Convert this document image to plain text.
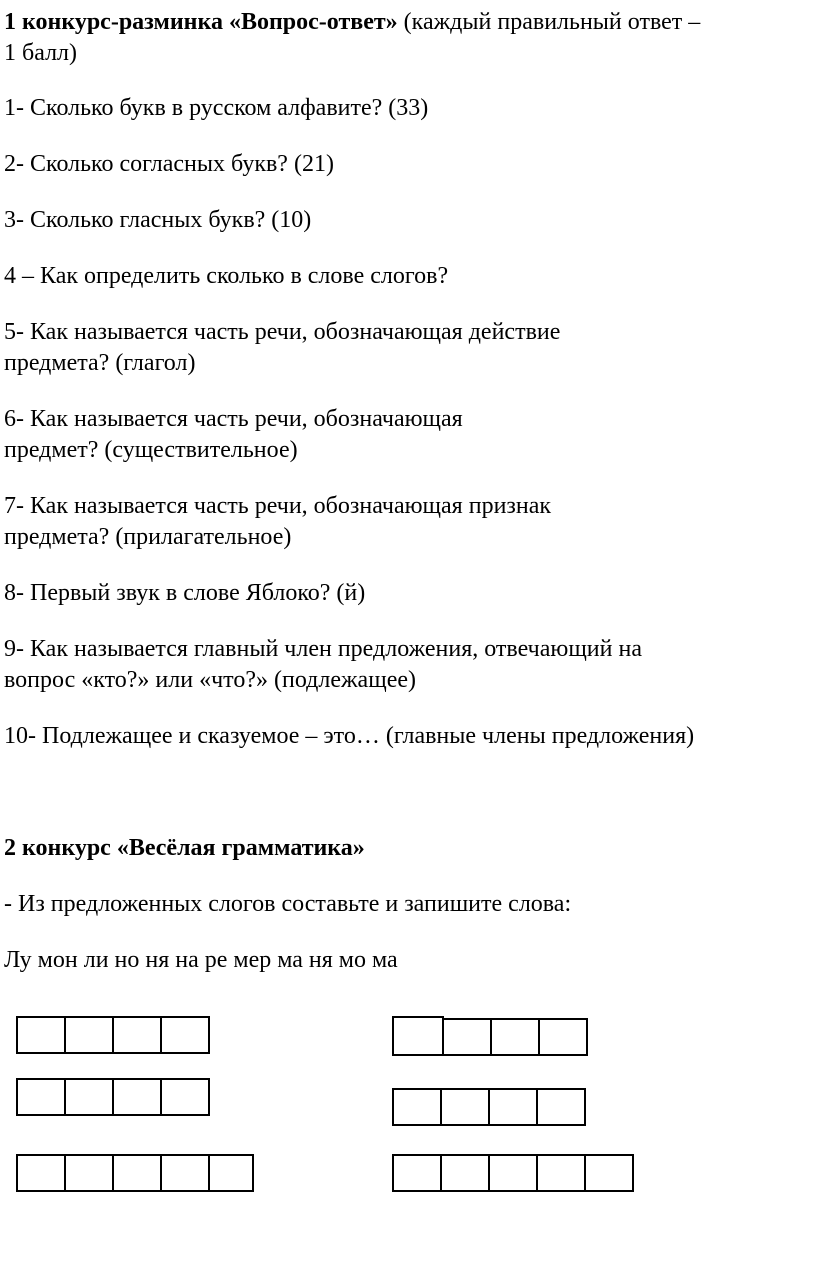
1 конкурс-разминка «Вопрос-ответ» (каждый правильный ответ –

1 балл)

1- Сколько букв в русском алфавите? (33)

2- Сколько согласных букв? (21)

3- Сколько гласных букв? (10)

4 – Как определить сколько в слове слогов?

5- Как называется часть речи, обозначающая действие

предмета? (глагол)

6- Как называется часть речи, обозначающая

предмет? (существительное)

7- Как называется часть речи, обозначающая признак

предмета? (прилагательное)

8- Первый звук в слове Яблоко? (й)

9- Как называется главный член предложения, отвечающий на

вопрос «кто?» или «что?» (подлежащее)

10- Подлежащее и сказуемое – это… (главные члены предложения)

2 конкурс «Весёлая грамматика»

- Из предложенных слогов составьте и запишите слова:

Лу мон ли но ня на ре мер ма ня мо ма
